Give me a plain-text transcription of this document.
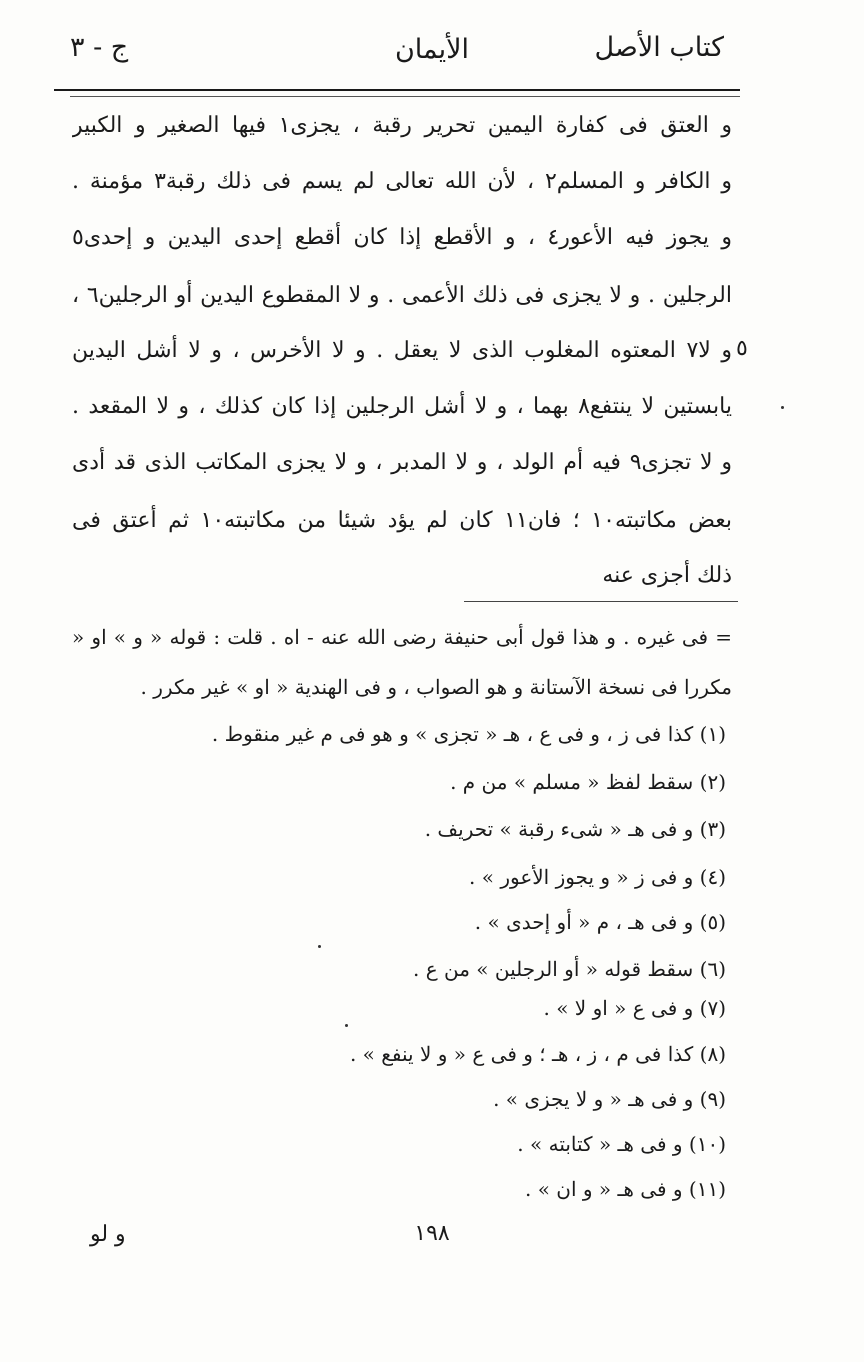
كتاب الأصل
الأيمان
ج - ٣
و العتق فى كفارة اليمين تحرير رقبة ، يجزى١ فيها الصغير و الكبير
و الكافر و المسلم٢ ، لأن الله تعالى لم يسم فى ذلك رقبة٣ مؤمنة .
و يجوز فيه الأعور٤ ، و الأقطع إذا كان أقطع إحدى اليدين و إحدى٥
الرجلين . و لا يجزى فى ذلك الأعمى . و لا المقطوع اليدين أو الرجلين٦ ،
٥
و لا٧ المعتوه المغلوب الذى لا يعقل . و لا الأخرس ، و لا أشل اليدين
يابستين لا ينتفع٨ بهما ، و لا أشل الرجلين إذا كان كذلك ، و لا المقعد .
و لا تجزى٩ فيه أم الولد ، و لا المدبر ، و لا يجزى المكاتب الذى قد أدى
بعض مكاتبته١٠ ؛ فان١١ كان لم يؤد شيئا من مكاتبته١٠ ثم أعتق فى
ذلك أجزى عنه
= فى غيره . و هذا قول أبى حنيفة رضى الله عنه - اه . قلت : قوله « و » او «
مكررا فى نسخة الآستانة و هو الصواب ، و فى الهندية « او » غير مكرر .
(١) كذا فى ز ، و فى ع ، هـ « تجزى » و هو فى م غير منقوط .
(٢) سقط لفظ « مسلم » من م .
(٣) و فى هـ « شىء رقبة » تحريف .
(٤) و فى ز « و يجوز الأعور » .
(٥) و فى هـ ، م « أو إحدى » .
(٦) سقط قوله « أو الرجلين » من ع .
(٧) و فى ع « او لا » .
(٨) كذا فى م ، ز ، هـ ؛ و فى ع « و لا ينفع » .
(٩) و فى هـ « و لا يجزى » .
(١٠) و فى هـ « كتابته » .
(١١) و فى هـ « و ان » .
١٩٨
و لو
